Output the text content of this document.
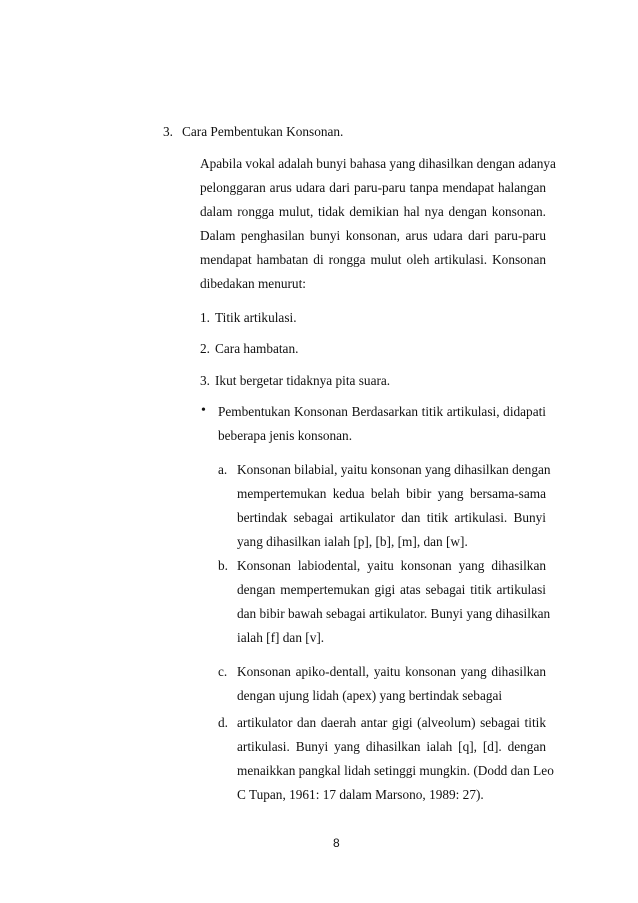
3. Cara Pembentukan Konsonan.
Apabila vokal adalah bunyi bahasa yang dihasilkan dengan adanya
pelonggaran arus udara dari paru-paru tanpa mendapat halangan
dalam rongga mulut, tidak demikian hal nya dengan konsonan.
Dalam penghasilan bunyi konsonan, arus udara dari paru-paru
mendapat hambatan di rongga mulut oleh artikulasi. Konsonan
dibedakan menurut:
1. Titik artikulasi.
2. Cara hambatan.
3. Ikut bergetar tidaknya pita suara.
• Pembentukan Konsonan Berdasarkan titik artikulasi, didapati
beberapa jenis konsonan.
a. Konsonan bilabial, yaitu konsonan yang dihasilkan dengan
mempertemukan kedua belah bibir yang bersama-sama
bertindak sebagai artikulator dan titik artikulasi. Bunyi
yang dihasilkan ialah [p], [b], [m], dan [w].
b. Konsonan labiodental, yaitu konsonan yang dihasilkan
dengan mempertemukan gigi atas sebagai titik artikulasi
dan bibir bawah sebagai artikulator. Bunyi yang dihasilkan
ialah [f] dan [v].
c. Konsonan apiko-dentall, yaitu konsonan yang dihasilkan
dengan ujung lidah (apex) yang bertindak sebagai
d. artikulator dan daerah antar gigi (alveolum) sebagai titik
artikulasi. Bunyi yang dihasilkan ialah [q], [d]. dengan
menaikkan pangkal lidah setinggi mungkin. (Dodd dan Leo
C Tupan, 1961: 17 dalam Marsono, 1989: 27).
8
